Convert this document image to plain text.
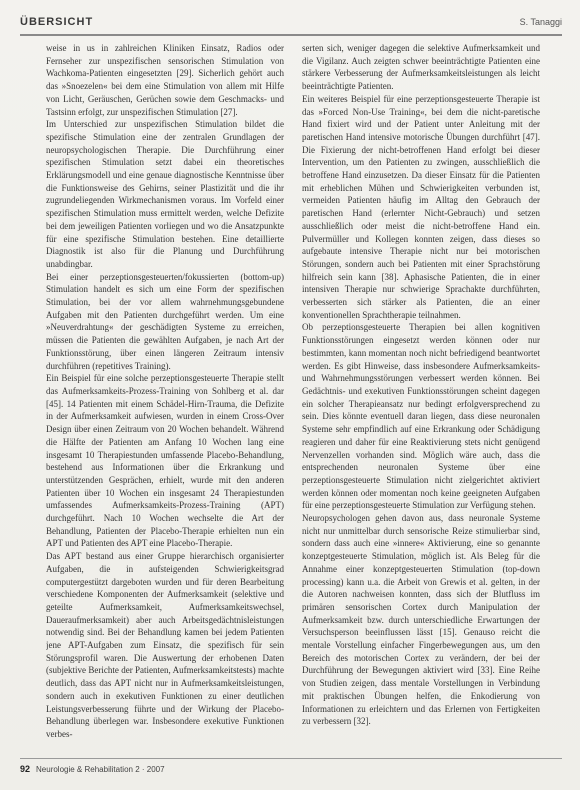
ÜBERSICHT	S. Tanaggi

weise in us in zahlreichen Kliniken Einsatz, Radios oder Fernseher zur unspezifischen sensorischen Stimulation von Wachkoma-Patienten eingesetzten [29]. Sicherlich gehört auch das »Snoezelen« bei dem eine Stimulation von allem mit Hilfe von Licht, Geräuschen, Gerüchen sowie dem Geschmacks- und Tastsinn erfolgt, zur unspezifischen Stimulation [27].

Im Unterschied zur unspezifischen Stimulation bildet die spezifische Stimulation eine der zentralen Grundlagen der neuropsychologischen Therapie. Die Durchführung einer spezifischen Stimulation setzt dabei ein theoretisches Erklärungsmodell und eine genaue diagnostische Kenntnisse über die Funktionsweise des Gehirns, seiner Plastizität und die ihr zugrundeliegenden Wirkmechanismen voraus. Im Vorfeld einer spezifischen Stimulation muss ermittelt werden, welche Defizite bei dem jeweiligen Patienten vorliegen und wo die Ansatzpunkte für eine spezifische Stimulation bestehen. Eine detaillierte Diagnostik ist also für die Planung und Durchführung unabdingbar.

Bei einer perzeptionsgesteuerten/fokussierten (bottom-up) Stimulation handelt es sich um eine Form der spezifischen Stimulation, bei der vor allem wahrnehmungsgebundene Aufgaben mit den Patienten durchgeführt werden. Um eine »Neuverdrahtung« der geschädigten Systeme zu erreichen, müssen die Patienten die gewählten Aufgaben, je nach Art der Funktionsstörung, über einen längeren Zeitraum intensiv durchführen (repetitives Training).

Ein Beispiel für eine solche perzeptionsgesteuerte Therapie stellt das Aufmerksamkeits-Prozess-Training von Sohlberg et al. dar [45]. 14 Patienten mit einem Schädel-Hirn-Trauma, die Defizite in der Aufmerksamkeit aufwiesen, wurden in einem Cross-Over Design über einen Zeitraum von 20 Wochen behandelt. Während die Hälfte der Patienten am Anfang 10 Wochen lang eine insgesamt 10 Therapiestunden umfassende Placebo-Behandlung, bestehend aus Informationen über die Erkrankung und unterstützenden Gesprächen, erhielt, wurde mit den anderen Patienten über 10 Wochen ein insgesamt 24 Therapiestunden umfassendes Aufmerksamkeits-Prozess-Training (APT) durchgeführt. Nach 10 Wochen wechselte die Art der Behandlung, Patienten der Placebo-Therapie erhielten nun ein APT und Patienten des APT eine Placebo-Therapie.

Das APT bestand aus einer Gruppe hierarchisch organisierter Aufgaben, die in aufsteigenden Schwierigkeitsgrad computergestützt dargeboten wurden und für deren Bearbeitung verschiedene Komponenten der Aufmerksamkeit (selektive und geteilte Aufmerksamkeit, Aufmerksamkeitswechsel, Daueraufmerksamkeit) aber auch Arbeitsgedächtnisleistungen notwendig sind. Bei der Behandlung kamen bei jedem Patienten jene APT-Aufgaben zum Einsatz, die spezifisch für sein Störungsprofil waren. Die Auswertung der erhobenen Daten (subjektive Berichte der Patienten, Aufmerksamkeitstests) machte deutlich, dass das APT nicht nur in Aufmerksamkeitsleistungen, sondern auch in exekutiven Funktionen zu einer deutlichen Leistungsverbesserung führte und der Wirkung der Placebo-Behandlung überlegen war. Insbesondere exekutive Funktionen verbes-

serten sich, weniger dagegen die selektive Aufmerksamkeit und die Vigilanz. Auch zeigten schwer beeinträchtigte Patienten eine stärkere Verbesserung der Aufmerksamkeitsleistungen als leicht beeinträchtigte Patienten.

Ein weiteres Beispiel für eine perzeptionsgesteuerte Therapie ist das »Forced Non-Use Training«, bei dem die nicht-paretische Hand fixiert wird und der Patient unter Anleitung mit der paretischen Hand intensive motorische Übungen durchführt [47]. Die Fixierung der nicht-betroffenen Hand erfolgt bei dieser Intervention, um den Patienten zu zwingen, ausschließlich die betroffene Hand einzusetzen. Da dieser Einsatz für die Patienten mit erheblichen Mühen und Schwierigkeiten verbunden ist, vermeiden Patienten häufig im Alltag den Gebrauch der paretischen Hand (erlernter Nicht-Gebrauch) und setzen ausschließlich oder meist die nicht-betroffene Hand ein. Pulvermüller und Kollegen konnten zeigen, dass dieses so aufgebaute intensive Therapie nicht nur bei motorischen Störungen, sondern auch bei Patienten mit einer Sprachstörung hilfreich sein kann [38]. Aphasische Patienten, die in einer intensiven Therapie nur schwierige Sprachakte durchführten, verbesserten sich stärker als Patienten, die an einer konventionellen Sprachtherapie teilnahmen.

Ob perzeptionsgesteuerte Therapien bei allen kognitiven Funktionsstörungen eingesetzt werden können oder nur bestimmten, kann momentan noch nicht befriedigend beantwortet werden. Es gibt Hinweise, dass insbesondere Aufmerksamkeits- und Wahrnehmungsstörungen verbessert werden können. Bei Gedächtnis- und exekutiven Funktionsstörungen scheint dagegen ein solcher Therapieansatz nur bedingt erfolgversprechend zu sein. Dies könnte eventuell daran liegen, dass diese neuronalen Systeme sehr empfindlich auf eine Erkrankung oder Schädigung reagieren und daher für eine Reaktivierung stets nicht genügend Nervenzellen vorhanden sind. Möglich wäre auch, dass die entsprechenden neuronalen Systeme über eine perzeptionsgesteuerte Stimulation nicht zielgerichtet aktiviert werden können oder momentan noch keine geeigneten Aufgaben für eine perzeptionsgesteuerte Stimulation zur Verfügung stehen.

Neuropsychologen gehen davon aus, dass neuronale Systeme nicht nur unmittelbar durch sensorische Reize stimulierbar sind, sondern dass auch eine »innere« Aktivierung, eine so genannte konzeptgesteuerte Stimulation, möglich ist. Als Beleg für die Annahme einer konzeptgesteuerten Stimulation (top-down processing) kann u.a. die Arbeit von Grewis et al. gelten, in der die Autoren nachweisen konnten, dass sich der Blutfluss im primären sensorischen Cortex durch Manipulation der Aufmerksamkeit bzw. durch unterschiedliche Erwartungen der Versuchsperson beeinflussen lässt [15]. Genauso reicht die mentale Vorstellung einfacher Fingerbewegungen aus, um den Bereich des motorischen Cortex zu verändern, der bei der Durchführung der Bewegungen aktiviert wird [33]. Eine Reihe von Studien zeigen, dass mentale Vorstellungen in Verbindung mit praktischen Übungen helfen, die Enkodierung von Informationen zu erleichtern und das Erlernen von Fertigkeiten zu verbessern [32].

92 Neurologie & Rehabilitation 2 · 2007
